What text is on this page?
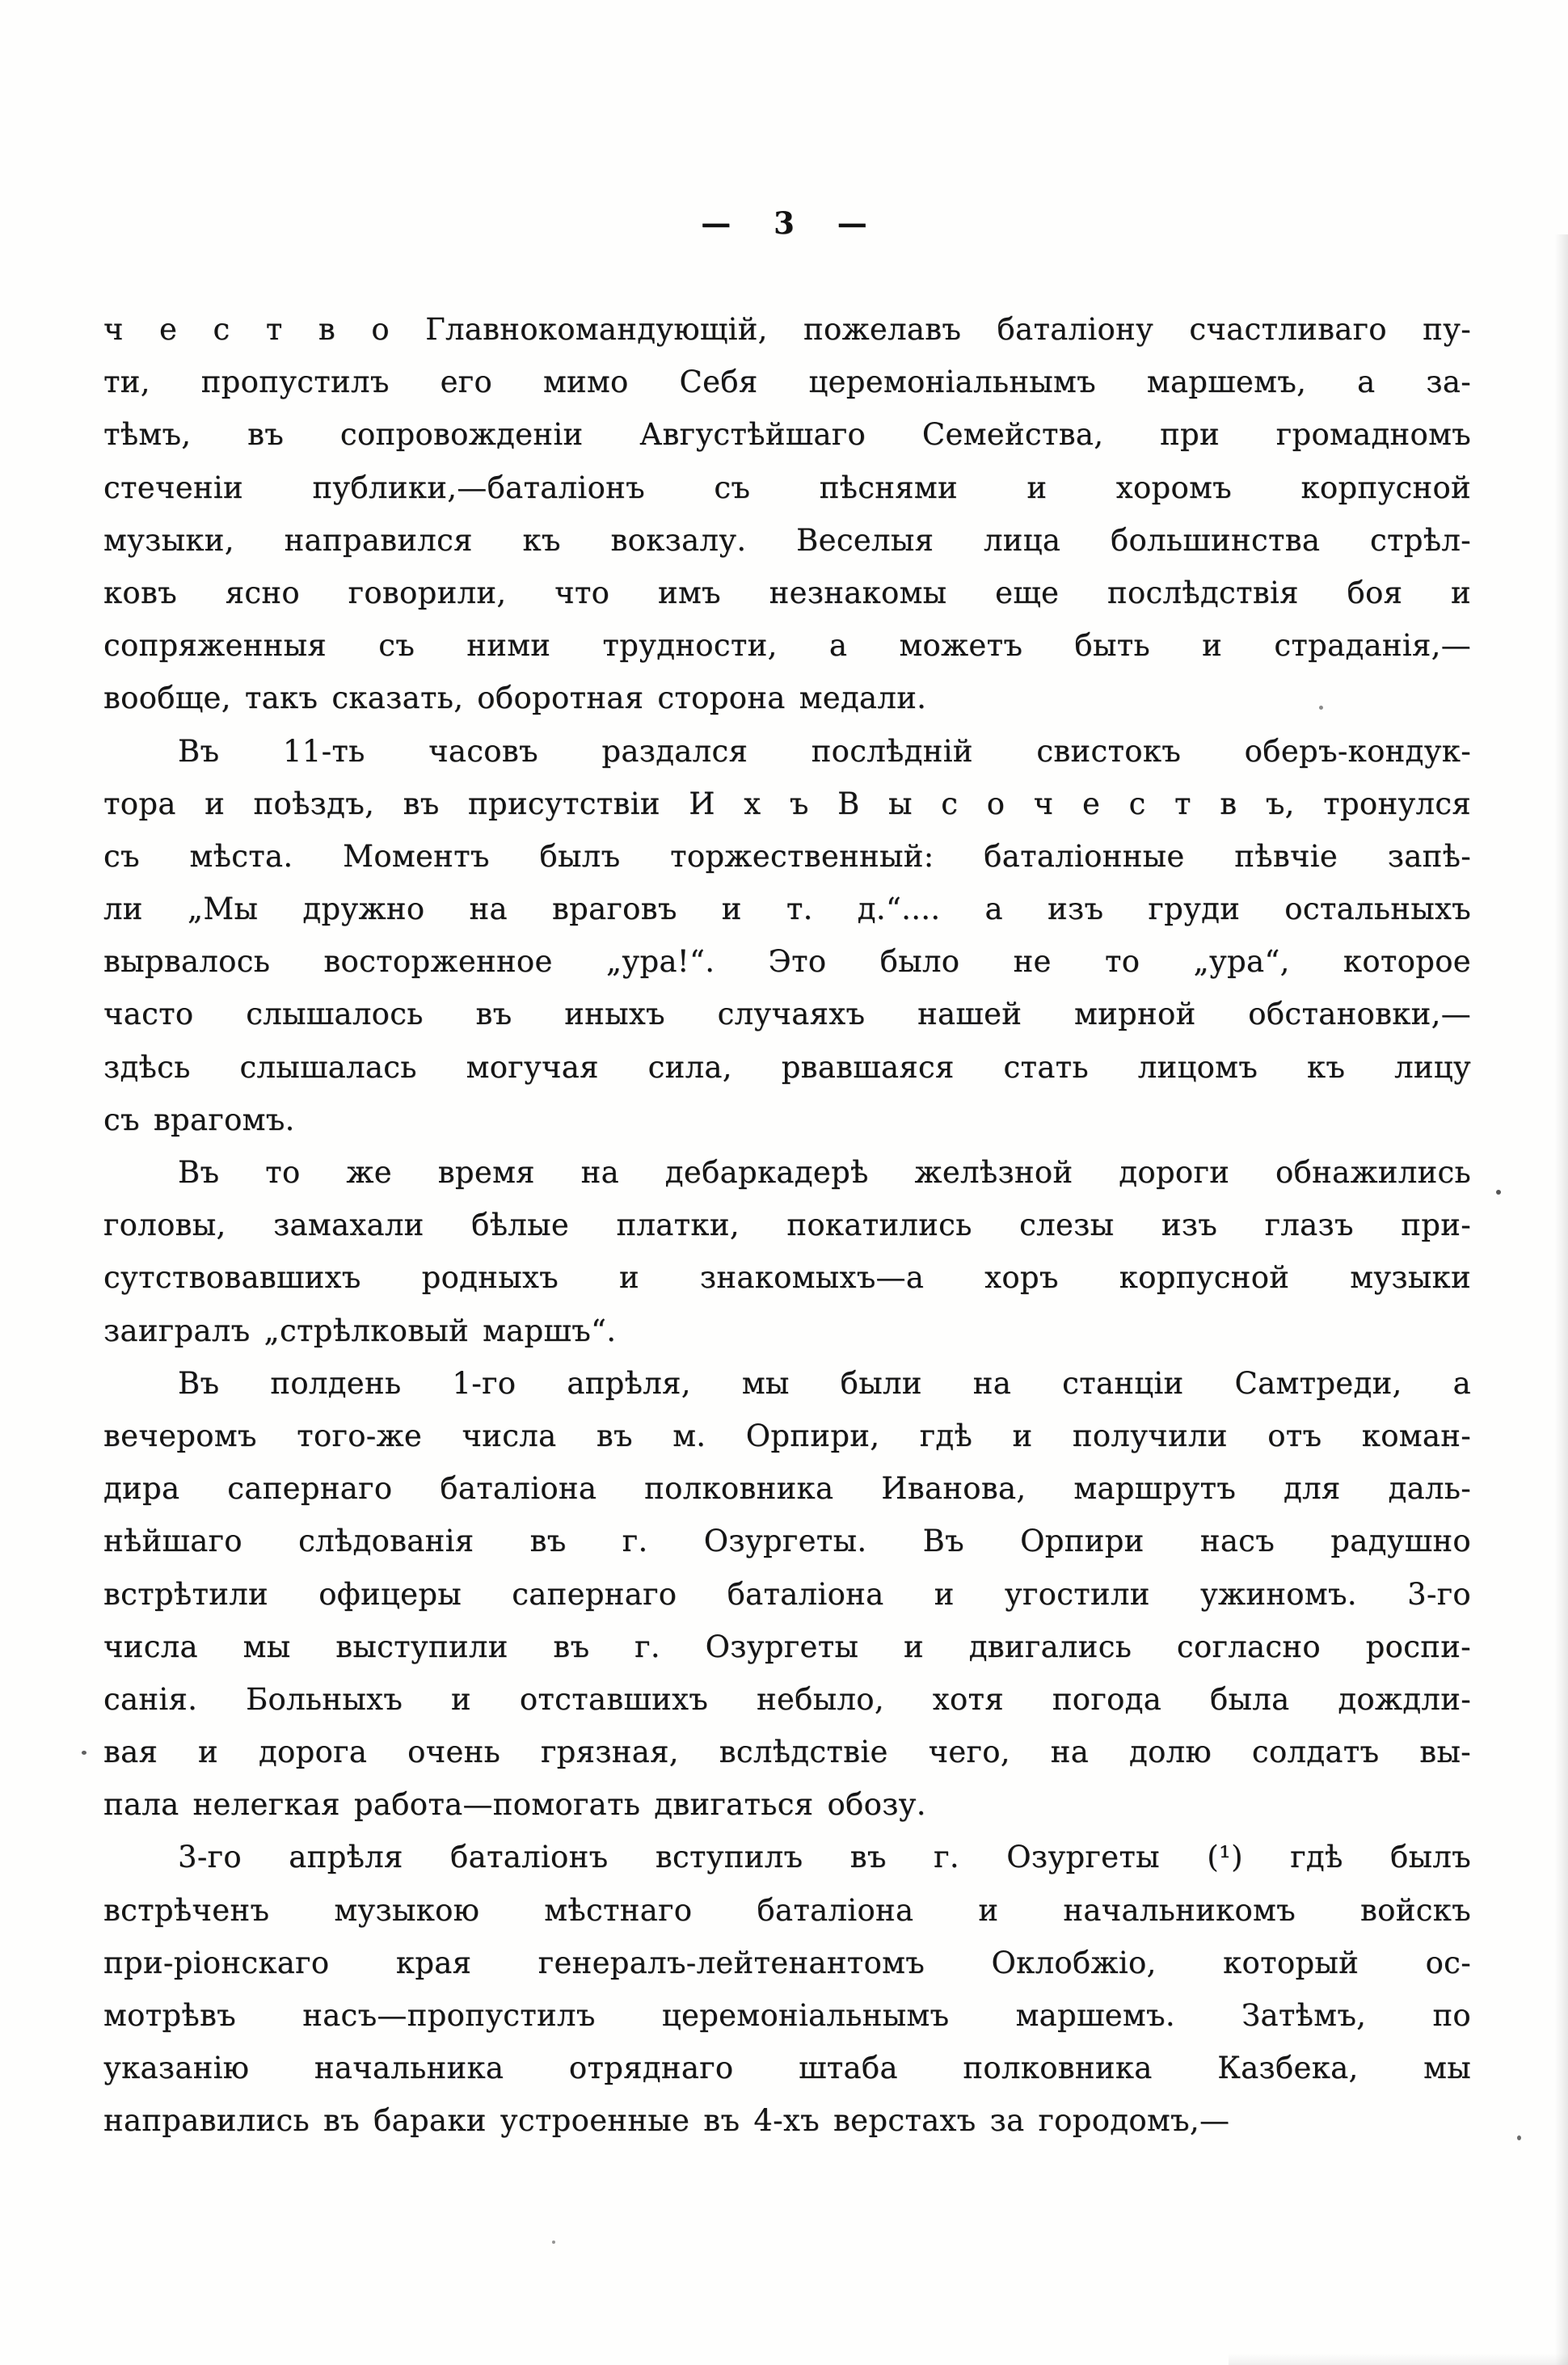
— 3 —
ч е с т в о Главнокомандующій, пожелавъ баталіону счастливаго пу-
ти, пропустилъ его мимо Себя церемоніальнымъ маршемъ, а за-
тѣмъ, въ сопровожденіи Августѣйшаго Семейства, при громадномъ
стеченіи публики,—баталіонъ съ пѣснями и хоромъ корпусной
музыки, направился къ вокзалу. Веселыя лица большинства стрѣл-
ковъ ясно говорили, что имъ незнакомы еще послѣдствія боя и
сопряженныя съ ними трудности, а можетъ быть и страданія,—
вообще, такъ сказать, оборотная сторона медали.
Въ 11-ть часовъ раздался послѣдній свистокъ оберъ-кондук-
тора и поѣздъ, въ присутствіи И х ъ В ы с о ч е с т в ъ, тронулся
съ мѣста. Моментъ былъ торжественный: баталіонные пѣвчіе запѣ-
ли „Мы дружно на враговъ и т. д.“.... а изъ груди остальныхъ
вырвалось восторженное „ура!“. Это было не то „ура“, которое
часто слышалось въ иныхъ случаяхъ нашей мирной обстановки,—
здѣсь слышалась могучая сила, рвавшаяся стать лицомъ къ лицу
съ врагомъ.
Въ то же время на дебаркадерѣ желѣзной дороги обнажились
головы, замахали бѣлые платки, покатились слезы изъ глазъ при-
сутствовавшихъ родныхъ и знакомыхъ—а хоръ корпусной музыки
заигралъ „стрѣлковый маршъ“.
Въ полдень 1-го апрѣля, мы были на станціи Самтреди, а
вечеромъ того-же числа въ м. Орпири, гдѣ и получили отъ коман-
дира сапернаго баталіона полковника Иванова, маршрутъ для даль-
нѣйшаго слѣдованія въ г. Озургеты. Въ Орпири насъ радушно
встрѣтили офицеры сапернаго баталіона и угостили ужиномъ. 3-го
числа мы выступили въ г. Озургеты и двигались согласно роспи-
санія. Больныхъ и отставшихъ небыло, хотя погода была дождли-
вая и дорога очень грязная, вслѣдствіе чего, на долю солдатъ вы-
пала нелегкая работа—помогать двигаться обозу.
3-го апрѣля баталіонъ вступилъ въ г. Озургеты (¹) гдѣ былъ
встрѣченъ музыкою мѣстнаго баталіона и начальникомъ войскъ
при-ріонскаго края генералъ-лейтенантомъ Оклобжіо, который ос-
мотрѣвъ насъ—пропустилъ церемоніальнымъ маршемъ. Затѣмъ, по
указанію начальника отряднаго штаба полковника Казбека, мы
направились въ бараки устроенные въ 4-хъ верстахъ за городомъ,—
